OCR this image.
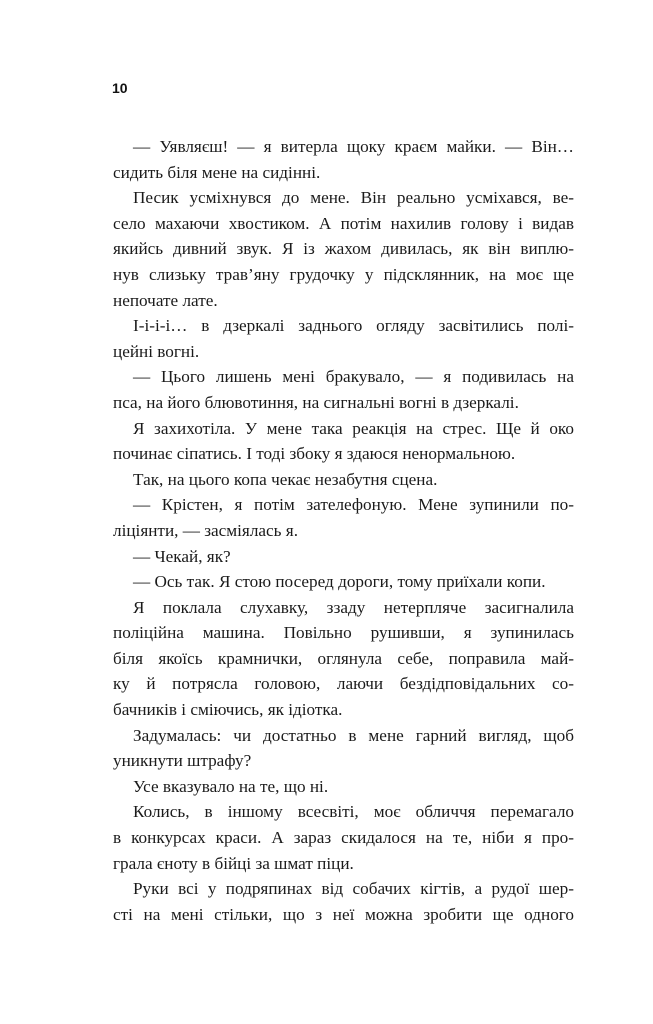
10
— Уявляєш! — я витерла щоку краєм майки. — Він…
сидить біля мене на сидінні.
Песик усміхнувся до мене. Він реально усміхався, ве-
село махаючи хвостиком. А потім нахилив голову і видав
якийсь дивний звук. Я із жахом дивилась, як він виплю-
нув слизьку трав’яну грудочку у підсклянник, на моє ще
непочате лате.
І-і-і-і… в дзеркалі заднього огляду засвітились полі-
цейні вогні.
— Цього лишень мені бракувало, — я подивилась на
пса, на його блювотиння, на сигнальні вогні в дзеркалі.
Я захихотіла. У мене така реакція на стрес. Ще й око
починає сіпатись. І тоді збоку я здаюся ненормальною.
Так, на цього копа чекає незабутня сцена.
— Крістен, я потім зателефоную. Мене зупинили по-
ліціянти, — засміялась я.
— Чекай, як?
— Ось так. Я стою посеред дороги, тому приїхали копи.
Я поклала слухавку, ззаду нетерпляче засигналила
поліційна машина. Повільно рушивши, я зупинилась
біля якоїсь крамнички, оглянула себе, поправила май-
ку й потрясла головою, лаючи бездідповідальних со-
бачників і сміючись, як ідіотка.
Задумалась: чи достатньо в мене гарний вигляд, щоб
уникнути штрафу?
Усе вказувало на те, що ні.
Колись, в іншому всесвіті, моє обличчя перемагало
в конкурсах краси. А зараз скидалося на те, ніби я про-
грала єноту в бійці за шмат піци.
Руки всі у подряпинах від собачих кігтів, а рудої шер-
сті на мені стільки, що з неї можна зробити ще одного
